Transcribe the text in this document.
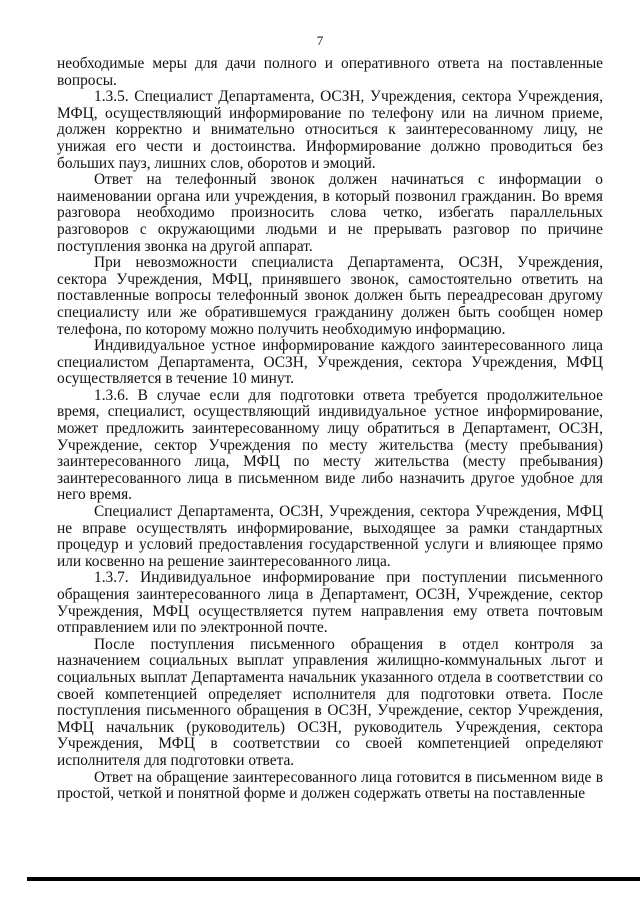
7

необходимые меры для дачи полного и оперативного ответа на поставленные вопросы.

1.3.5. Специалист Департамента, ОСЗН, Учреждения, сектора Учреждения, МФЦ, осуществляющий информирование по телефону или на личном приеме, должен корректно и внимательно относиться к заинтересованному лицу, не унижая его чести и достоинства. Информирование должно проводиться без больших пауз, лишних слов, оборотов и эмоций.

Ответ на телефонный звонок должен начинаться с информации о наименовании органа или учреждения, в который позвонил гражданин. Во время разговора необходимо произносить слова четко, избегать параллельных разговоров с окружающими людьми и не прерывать разговор по причине поступления звонка на другой аппарат.

При невозможности специалиста Департамента, ОСЗН, Учреждения, сектора Учреждения, МФЦ, принявшего звонок, самостоятельно ответить на поставленные вопросы телефонный звонок должен быть переадресован другому специалисту или же обратившемуся гражданину должен быть сообщен номер телефона, по которому можно получить необходимую информацию.

Индивидуальное устное информирование каждого заинтересованного лица специалистом Департамента, ОСЗН, Учреждения, сектора Учреждения, МФЦ осуществляется в течение 10 минут.

1.3.6. В случае если для подготовки ответа требуется продолжительное время, специалист, осуществляющий индивидуальное устное информирование, может предложить заинтересованному лицу обратиться в Департамент, ОСЗН, Учреждение, сектор Учреждения по месту жительства (месту пребывания) заинтересованного лица, МФЦ по месту жительства (месту пребывания) заинтересованного лица в письменном виде либо назначить другое удобное для него время.

Специалист Департамента, ОСЗН, Учреждения, сектора Учреждения, МФЦ не вправе осуществлять информирование, выходящее за рамки стандартных процедур и условий предоставления государственной услуги и влияющее прямо или косвенно на решение заинтересованного лица.

1.3.7. Индивидуальное информирование при поступлении письменного обращения заинтересованного лица в Департамент, ОСЗН, Учреждение, сектор Учреждения, МФЦ осуществляется путем направления ему ответа почтовым отправлением или по электронной почте.

После поступления письменного обращения в отдел контроля за назначением социальных выплат управления жилищно-коммунальных льгот и социальных выплат Департамента начальник указанного отдела в соответствии со своей компетенцией определяет исполнителя для подготовки ответа. После поступления письменного обращения в ОСЗН, Учреждение, сектор Учреждения, МФЦ начальник (руководитель) ОСЗН, руководитель Учреждения, сектора Учреждения, МФЦ в соответствии со своей компетенцией определяют исполнителя для подготовки ответа.

Ответ на обращение заинтересованного лица готовится в письменном виде в простой, четкой и понятной форме и должен содержать ответы на поставленные
